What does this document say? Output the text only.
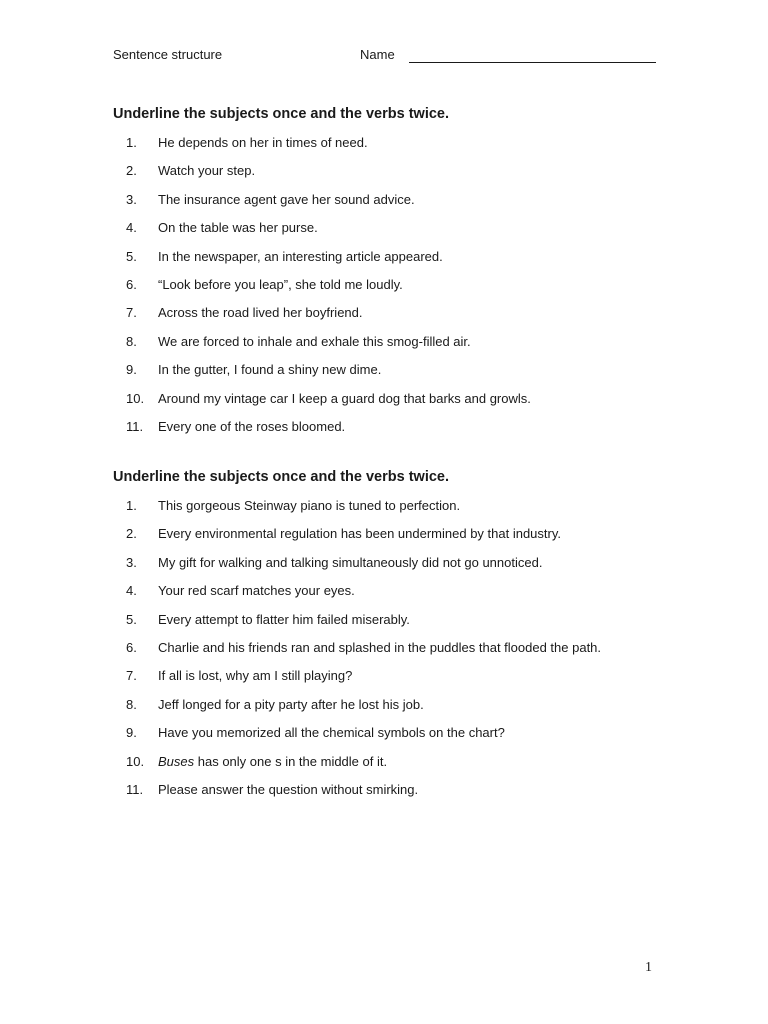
Sentence structure	Name
Underline the subjects once and the verbs twice.
1.	He depends on her in times of need.
2.	Watch your step.
3.	The insurance agent gave her sound advice.
4.	On the table was her purse.
5.	In the newspaper, an interesting article appeared.
6.	“Look before you leap”, she told me loudly.
7.	Across the road lived her boyfriend.
8.	We are forced to inhale and exhale this smog-filled air.
9.	In the gutter, I found a shiny new dime.
10.	Around my vintage car I keep a guard dog that barks and growls.
11.	Every one of the roses bloomed.
Underline the subjects once and the verbs twice.
1.	This gorgeous Steinway piano is tuned to perfection.
2.	Every environmental regulation has been undermined by that industry.
3.	My gift for walking and talking simultaneously did not go unnoticed.
4.	Your red scarf matches your eyes.
5.	Every attempt to flatter him failed miserably.
6.	Charlie and his friends ran and splashed in the puddles that flooded the path.
7.	If all is lost, why am I still playing?
8.	Jeff longed for a pity party after he lost his job.
9.	Have you memorized all the chemical symbols on the chart?
10.	Buses has only one s in the middle of it.
11.	Please answer the question without smirking.
1
